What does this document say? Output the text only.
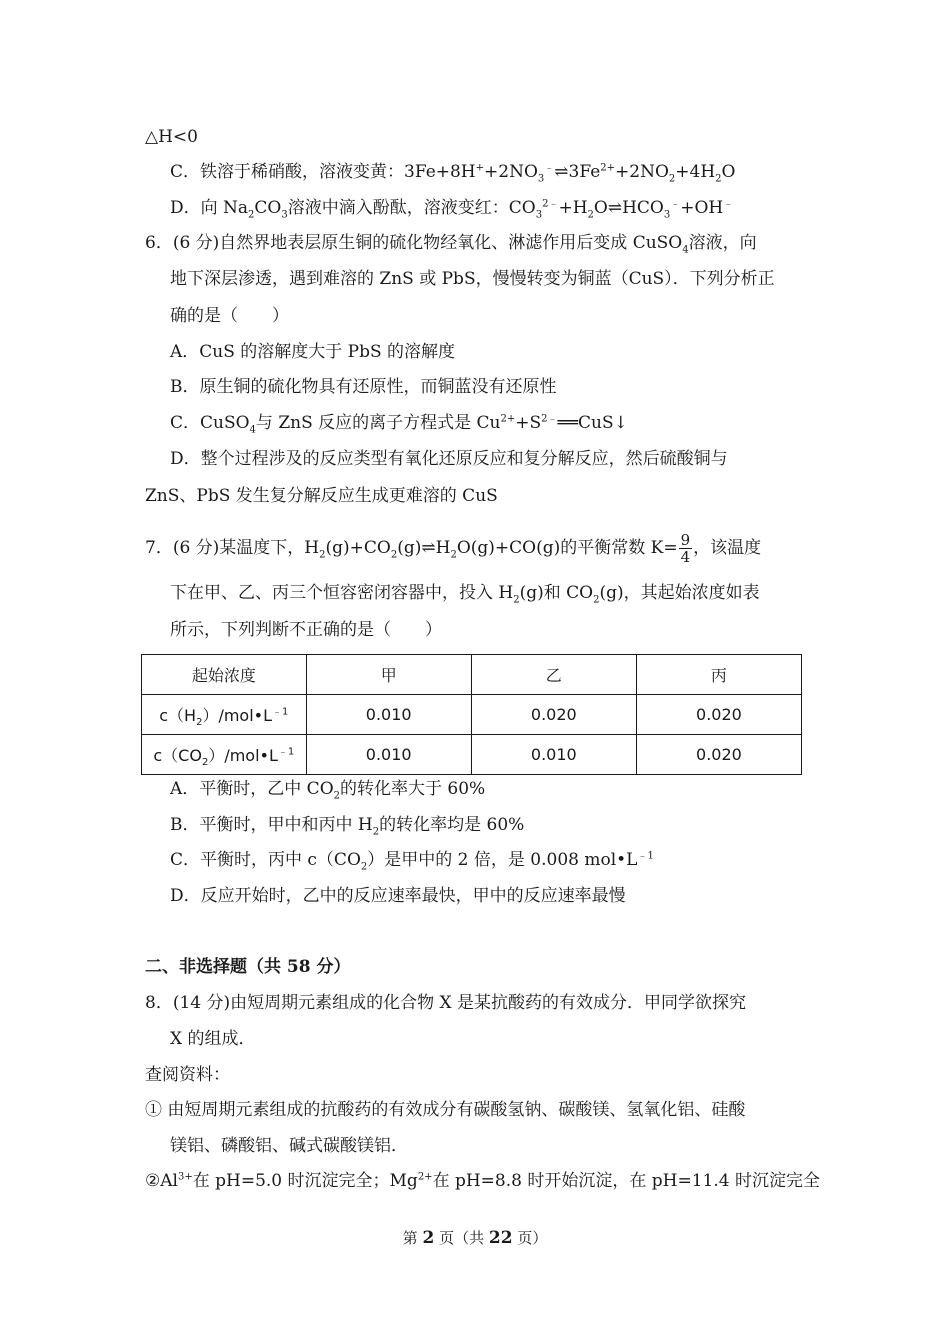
△H<0
C．铁溶于稀硝酸，溶液变黄：$3Fe+8H^++2NO_3^﹣\rightleftharpoons 3Fe^{2+}+2NO_2+4H_2O$
D．向 $Na_2CO_3$溶液中滴入酚酞，溶液变红：$CO_3^{2﹣}+H_2O\rightleftharpoons HCO_3^﹣+OH^﹣$
6．(6 分)自然界地表层原生铜的硫化物经氧化、淋滤作用后变成 CuSO$_4$溶液，向
地下深层渗透，遇到难溶的 ZnS 或 PbS，慢慢转变为铜蓝（CuS）．下列分析正
确的是（　　）
A．CuS 的溶解度大于 PbS 的溶解度
B．原生铜的硫化物具有还原性，而铜蓝没有还原性
C．CuSO$_4$与 ZnS 反应的离子方程式是 $Cu^{2+}+S^{2﹣}══CuS↓$
D．整个过程涉及的反应类型有氧化还原反应和复分解反应，然后硫酸铜与
ZnS、PbS 发生复分解反应生成更难溶的 CuS
7．(6 分)某温度下，$H_2(g)+CO_2(g)\rightleftharpoons H_2O(g)+CO(g)$的平衡常数 $K= \frac{9}{4}$ ，该温度
下在甲、乙、丙三个恒容密闭容器中，投入 $H_2(g)$和 $CO_2(g)$，其起始浓度如表
所示，下列判断不正确的是（　　）
起始浓度	甲	乙	丙
$c(H_2)/mol•L^{﹣1}$	0.010	0.020	0.020
$c(CO_2)/mol•L^{﹣1}$	0.010	0.010	0.020
A．平衡时，乙中 $CO_2$的转化率大于 60%
B．平衡时，甲中和丙中 $H_2$的转化率均是 60%
C．平衡时，丙中 $c(CO_2)$是甲中的 2 倍，是 0.008 $mol•L^{﹣1}$
D．反应开始时，乙中的反应速率最快，甲中的反应速率最慢
二、非选择题（共 58 分）
8．(14 分)由短周期元素组成的化合物 X 是某抗酸药的有效成分．甲同学欲探究
X 的组成．
查阅资料：
① 由短周期元素组成的抗酸药的有效成分有碳酸氢钠、碳酸镁、氢氧化铝、硅酸
镁铝、磷酸铝、碱式碳酸镁铝．
$②Al^{3+}$在 pH=5.0 时沉淀完全；$Mg^{2+}$在 pH=8.8 时开始沉淀，在 pH=11.4 时沉淀完全
第 2 页（共 22 页）
